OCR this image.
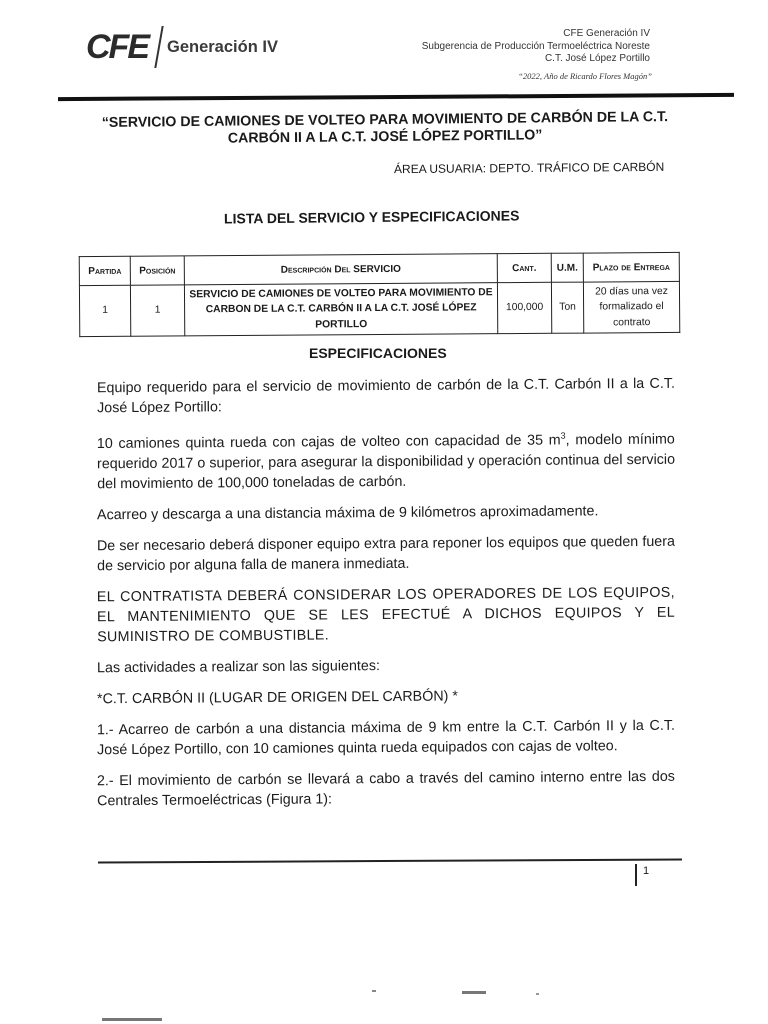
CFE Generación IV
CFE Generación IV
Subgerencia de Producción Termoeléctrica Noreste
C.T. José López Portillo
“2022, Año de Ricardo Flores Magón”
“SERVICIO DE CAMIONES DE VOLTEO PARA MOVIMIENTO DE CARBÓN DE LA C.T. CARBÓN II A LA C.T. JOSÉ LÓPEZ PORTILLO”
ÁREA USUARIA: DEPTO. TRÁFICO DE CARBÓN
LISTA DEL SERVICIO Y ESPECIFICACIONES
Partida	Posición	Descripción Del SERVICIO	Cant.	U.M.	Plazo de Entrega
1	1	SERVICIO DE CAMIONES DE VOLTEO PARA MOVIMIENTO DE CARBON DE LA C.T. CARBÓN II A LA C.T. JOSÉ LÓPEZ PORTILLO	100,000	Ton	20 días una vez formalizado el contrato
ESPECIFICACIONES

Equipo requerido para el servicio de movimiento de carbón de la C.T. Carbón II a la C.T. José López Portillo:

10 camiones quinta rueda con cajas de volteo con capacidad de 35 $m^3$, modelo mínimo requerido 2017 o superior, para asegurar la disponibilidad y operación continua del servicio del movimiento de 100,000 toneladas de carbón.

Acarreo y descarga a una distancia máxima de 9 kilómetros aproximadamente.

De ser necesario deberá disponer equipo extra para reponer los equipos que queden fuera de servicio por alguna falla de manera inmediata.

EL CONTRATISTA DEBERÁ CONSIDERAR LOS OPERADORES DE LOS EQUIPOS, EL MANTENIMIENTO QUE SE LES EFECTUÉ A DICHOS EQUIPOS Y EL SUMINISTRO DE COMBUSTIBLE.

Las actividades a realizar son las siguientes:

*C.T. CARBÓN II (LUGAR DE ORIGEN DEL CARBÓN) *

1.- Acarreo de carbón a una distancia máxima de 9 km entre la C.T. Carbón II y la C.T. José López Portillo, con 10 camiones quinta rueda equipados con cajas de volteo.

2.- El movimiento de carbón se llevará a cabo a través del camino interno entre las dos Centrales Termoeléctricas (Figura 1):

1
